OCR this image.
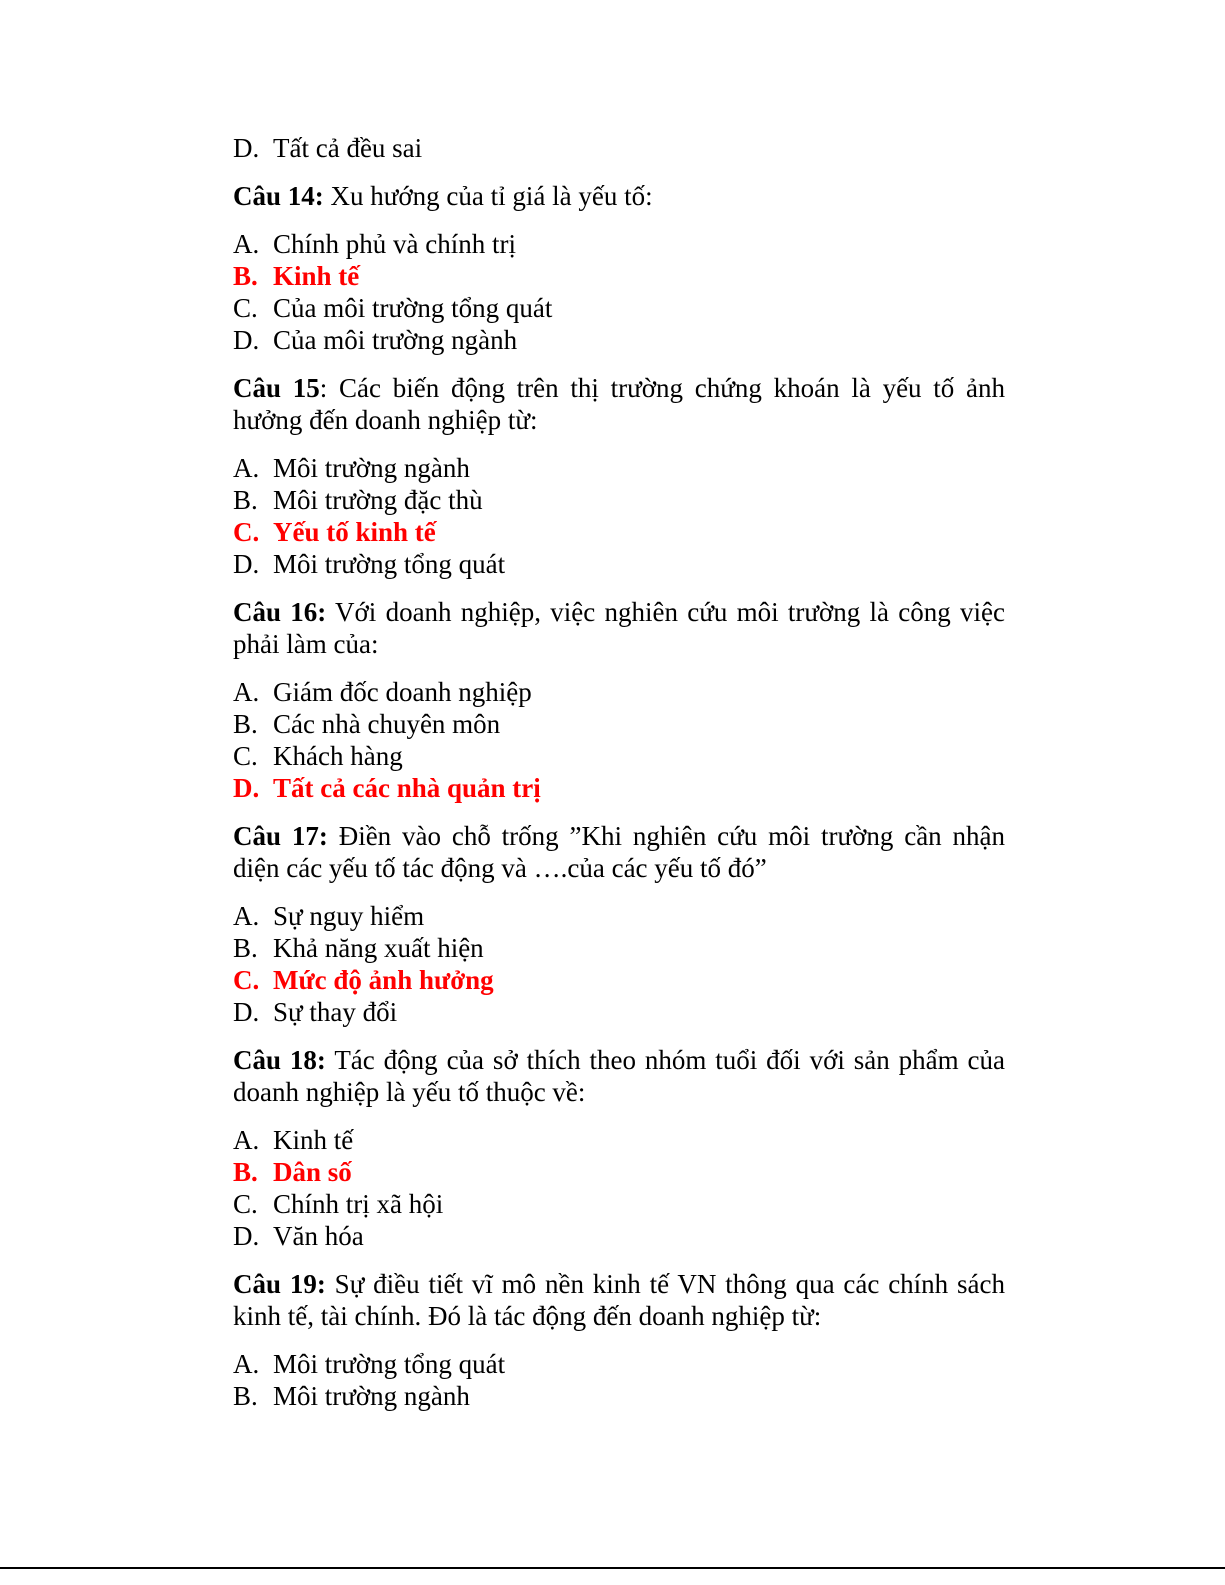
D. Tất cả đều sai
Câu 14: Xu hướng của tỉ giá là yếu tố:
A. Chính phủ và chính trị
B. Kinh tế
C. Của môi trường tổng quát
D. Của môi trường ngành
Câu 15: Các biến động trên thị trường chứng khoán là yếu tố ảnh hưởng đến doanh nghiệp từ:
A. Môi trường ngành
B. Môi trường đặc thù
C. Yếu tố kinh tế
D. Môi trường tổng quát
Câu 16: Với doanh nghiệp, việc nghiên cứu môi trường là công việc phải làm của:
A. Giám đốc doanh nghiệp
B. Các nhà chuyên môn
C. Khách hàng
D. Tất cả các nhà quản trị
Câu 17: Điền vào chỗ trống ”Khi nghiên cứu môi trường cần nhận diện các yếu tố tác động và ….của các yếu tố đó”
A. Sự nguy hiểm
B. Khả năng xuất hiện
C. Mức độ ảnh hưởng
D. Sự thay đổi
Câu 18: Tác động của sở thích theo nhóm tuổi đối với sản phẩm của doanh nghiệp là yếu tố thuộc về:
A. Kinh tế
B. Dân số
C. Chính trị xã hội
D. Văn hóa
Câu 19: Sự điều tiết vĩ mô nền kinh tế VN thông qua các chính sách kinh tế, tài chính. Đó là tác động đến doanh nghiệp từ:
A. Môi trường tổng quát
B. Môi trường ngành
